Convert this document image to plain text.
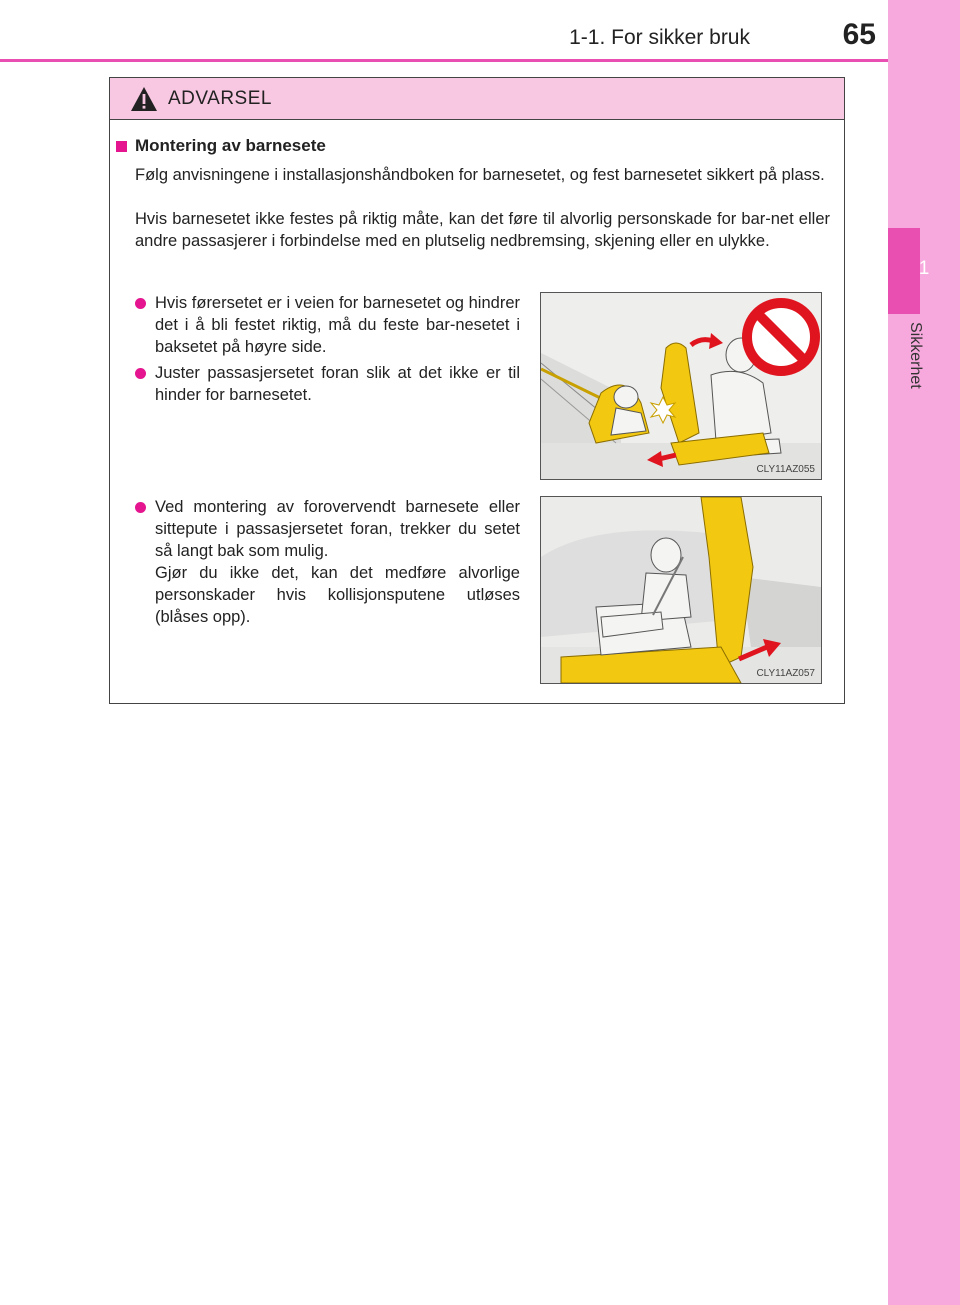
1
Sikkerhet
1-1. For sikker bruk	65
ADVARSEL
Montering av barnesete

Følg anvisningene i installasjonshåndboken for barnesetet, og fest barnesetet sikkert på plass.

Hvis barnesetet ikke festes på riktig måte, kan det føre til alvorlig personskade for bar-net eller andre passasjerer i forbindelse med en plutselig nedbremsing, skjening eller en ulykke.

Hvis førersetet er i veien for barnesetet og hindrer det i å bli festet riktig, må du feste bar-nesetet i baksetet på høyre side.
Juster passasjersetet foran slik at det ikke er til hinder for barnesetet.
Ved montering av forovervendt barnesete eller sittepute i passasjersetet foran, trekker du setet så langt bak som mulig.
Gjør du ikke det, kan det medføre alvorlige personskader hvis kollisjonsputene utløses (blåses opp).
CLY11AZ055
CLY11AZ057
